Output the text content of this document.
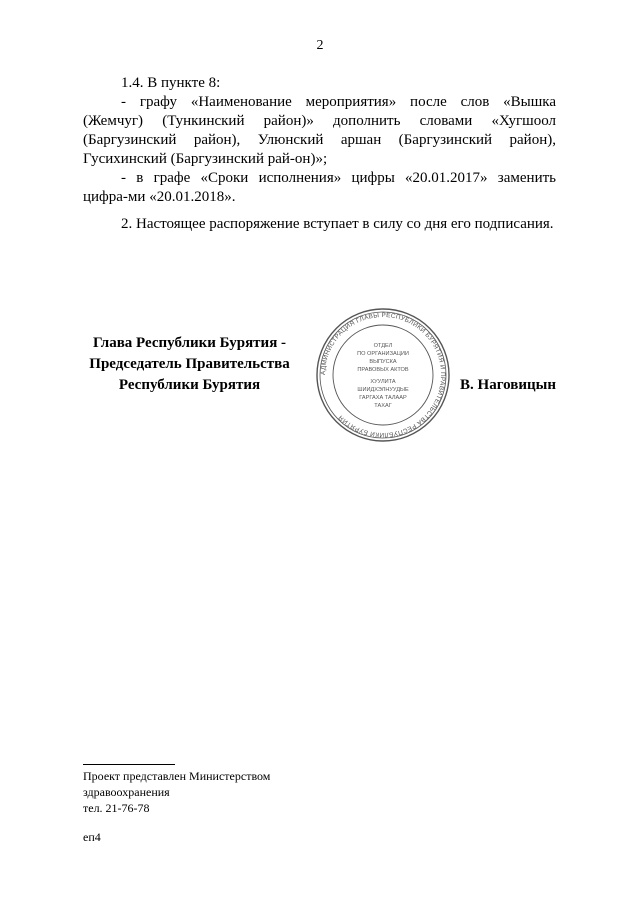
2

1.4. В пункте 8:

- графу «Наименование мероприятия» после слов «Вышка (Жемчуг) (Тункинский район)» дополнить словами «Хугшоол (Баргузинский район), Улюнский аршан (Баргузинский район), Гусихинский (Баргузинский рай-он)»;

- в графе «Сроки исполнения» цифры «20.01.2017» заменить цифра-ми «20.01.2018».

2. Настоящее распоряжение вступает в силу со дня его подписания.

Глава Республики Бурятия -
Председатель Правительства
Республики Бурятия
АДМИНИСТРАЦИЯ ГЛАВЫ РЕСПУБЛИКИ БУРЯТИЯ И ПРАВИТЕЛЬСТВА РЕСПУБЛИКИ БУРЯТИЯ
ОТДЕЛ
ПО ОРГАНИЗАЦИИ
ВЫПУСКА
ПРАВОВЫХ АКТОВ
ХУУЛИТА
ШИИДХЭЛНУУДЫЕ
ГАРГАХА ТАЛААР
ТАХАГ
В. Наговицын
Проект представлен Министерством
здравоохранения
тел. 21-76-78
еп4
